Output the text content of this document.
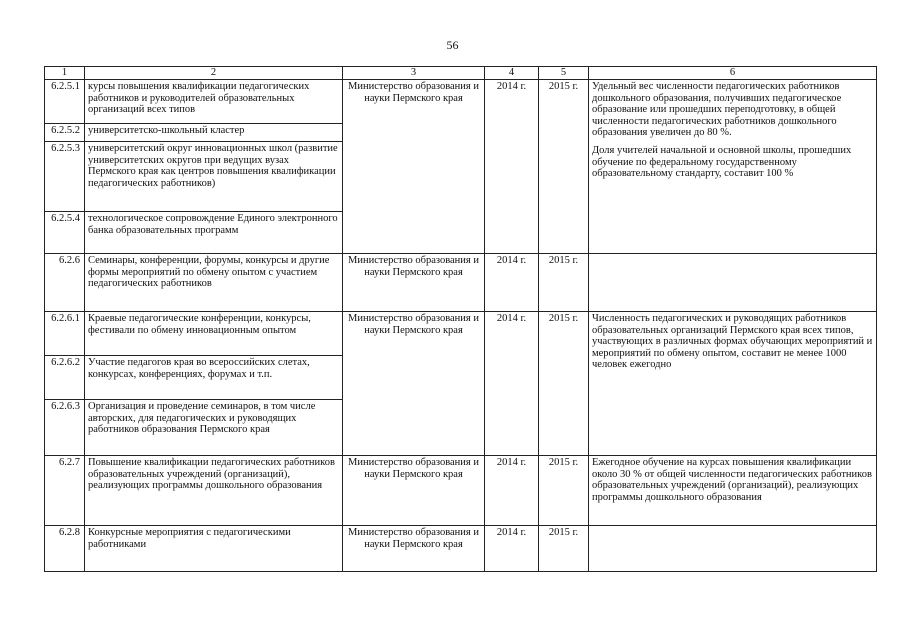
56
1	2	3	4	5	6
6.2.5.1	курсы повышения квалификации педагогических работников и руководителей образовательных организаций всех типов	Министерство образования и науки Пермского края	2014 г.	2015 г.	Удельный вес численности педагогических работников дошкольного образования, получивших педагогическое образование или прошедших переподготовку, в общей численности педагогических работников дошкольного образования увеличен до 80 %.

Доля учителей начальной и основной школы, прошедших обучение по федеральному государственному образовательному стандарту, составит 100 %

6.2.5.2	университетско-школьный кластер				
6.2.5.3	университетский округ инновационных школ (развитие университетских округов при ведущих вузах Пермского края как центров повышения квалификации педагогических работников)				
6.2.5.4	технологическое сопровождение Единого электронного банка образовательных программ				
6.2.6	Семинары, конференции, форумы, конкурсы и другие формы мероприятий по обмену опытом с участием педагогических работников	Министерство образования и науки Пермского края	2014 г.	2015 г.	
6.2.6.1	Краевые педагогические конференции, конкурсы, фестивали по обмену инновационным опытом	Министерство образования и науки Пермского края	2014 г.	2015 г.	Численность педагогических и руководящих работников образовательных организаций Пермского края всех типов, участвующих в различных формах обучающих мероприятий и мероприятий по обмену опытом, составит не менее 1000 человек ежегодно
6.2.6.2	Участие педагогов края во всероссийских слетах, конкурсах, конференциях, форумах и т.п.				
6.2.6.3	Организация и проведение семинаров, в том числе авторских, для педагогических и руководящих работников образования Пермского края				
6.2.7	Повышение квалификации педагогических работников образовательных учреждений (организаций), реализующих программы дошкольного образования	Министерство образования и науки Пермского края	2014 г.	2015 г.	Ежегодное обучение на курсах повышения квалификации около 30 % от общей численности педагогических работников образовательных учреждений (организаций), реализующих программы дошкольного образования
6.2.8	Конкурсные мероприятия с педагогическими работниками	Министерство образования и науки Пермского края	2014 г.	2015 г.	
